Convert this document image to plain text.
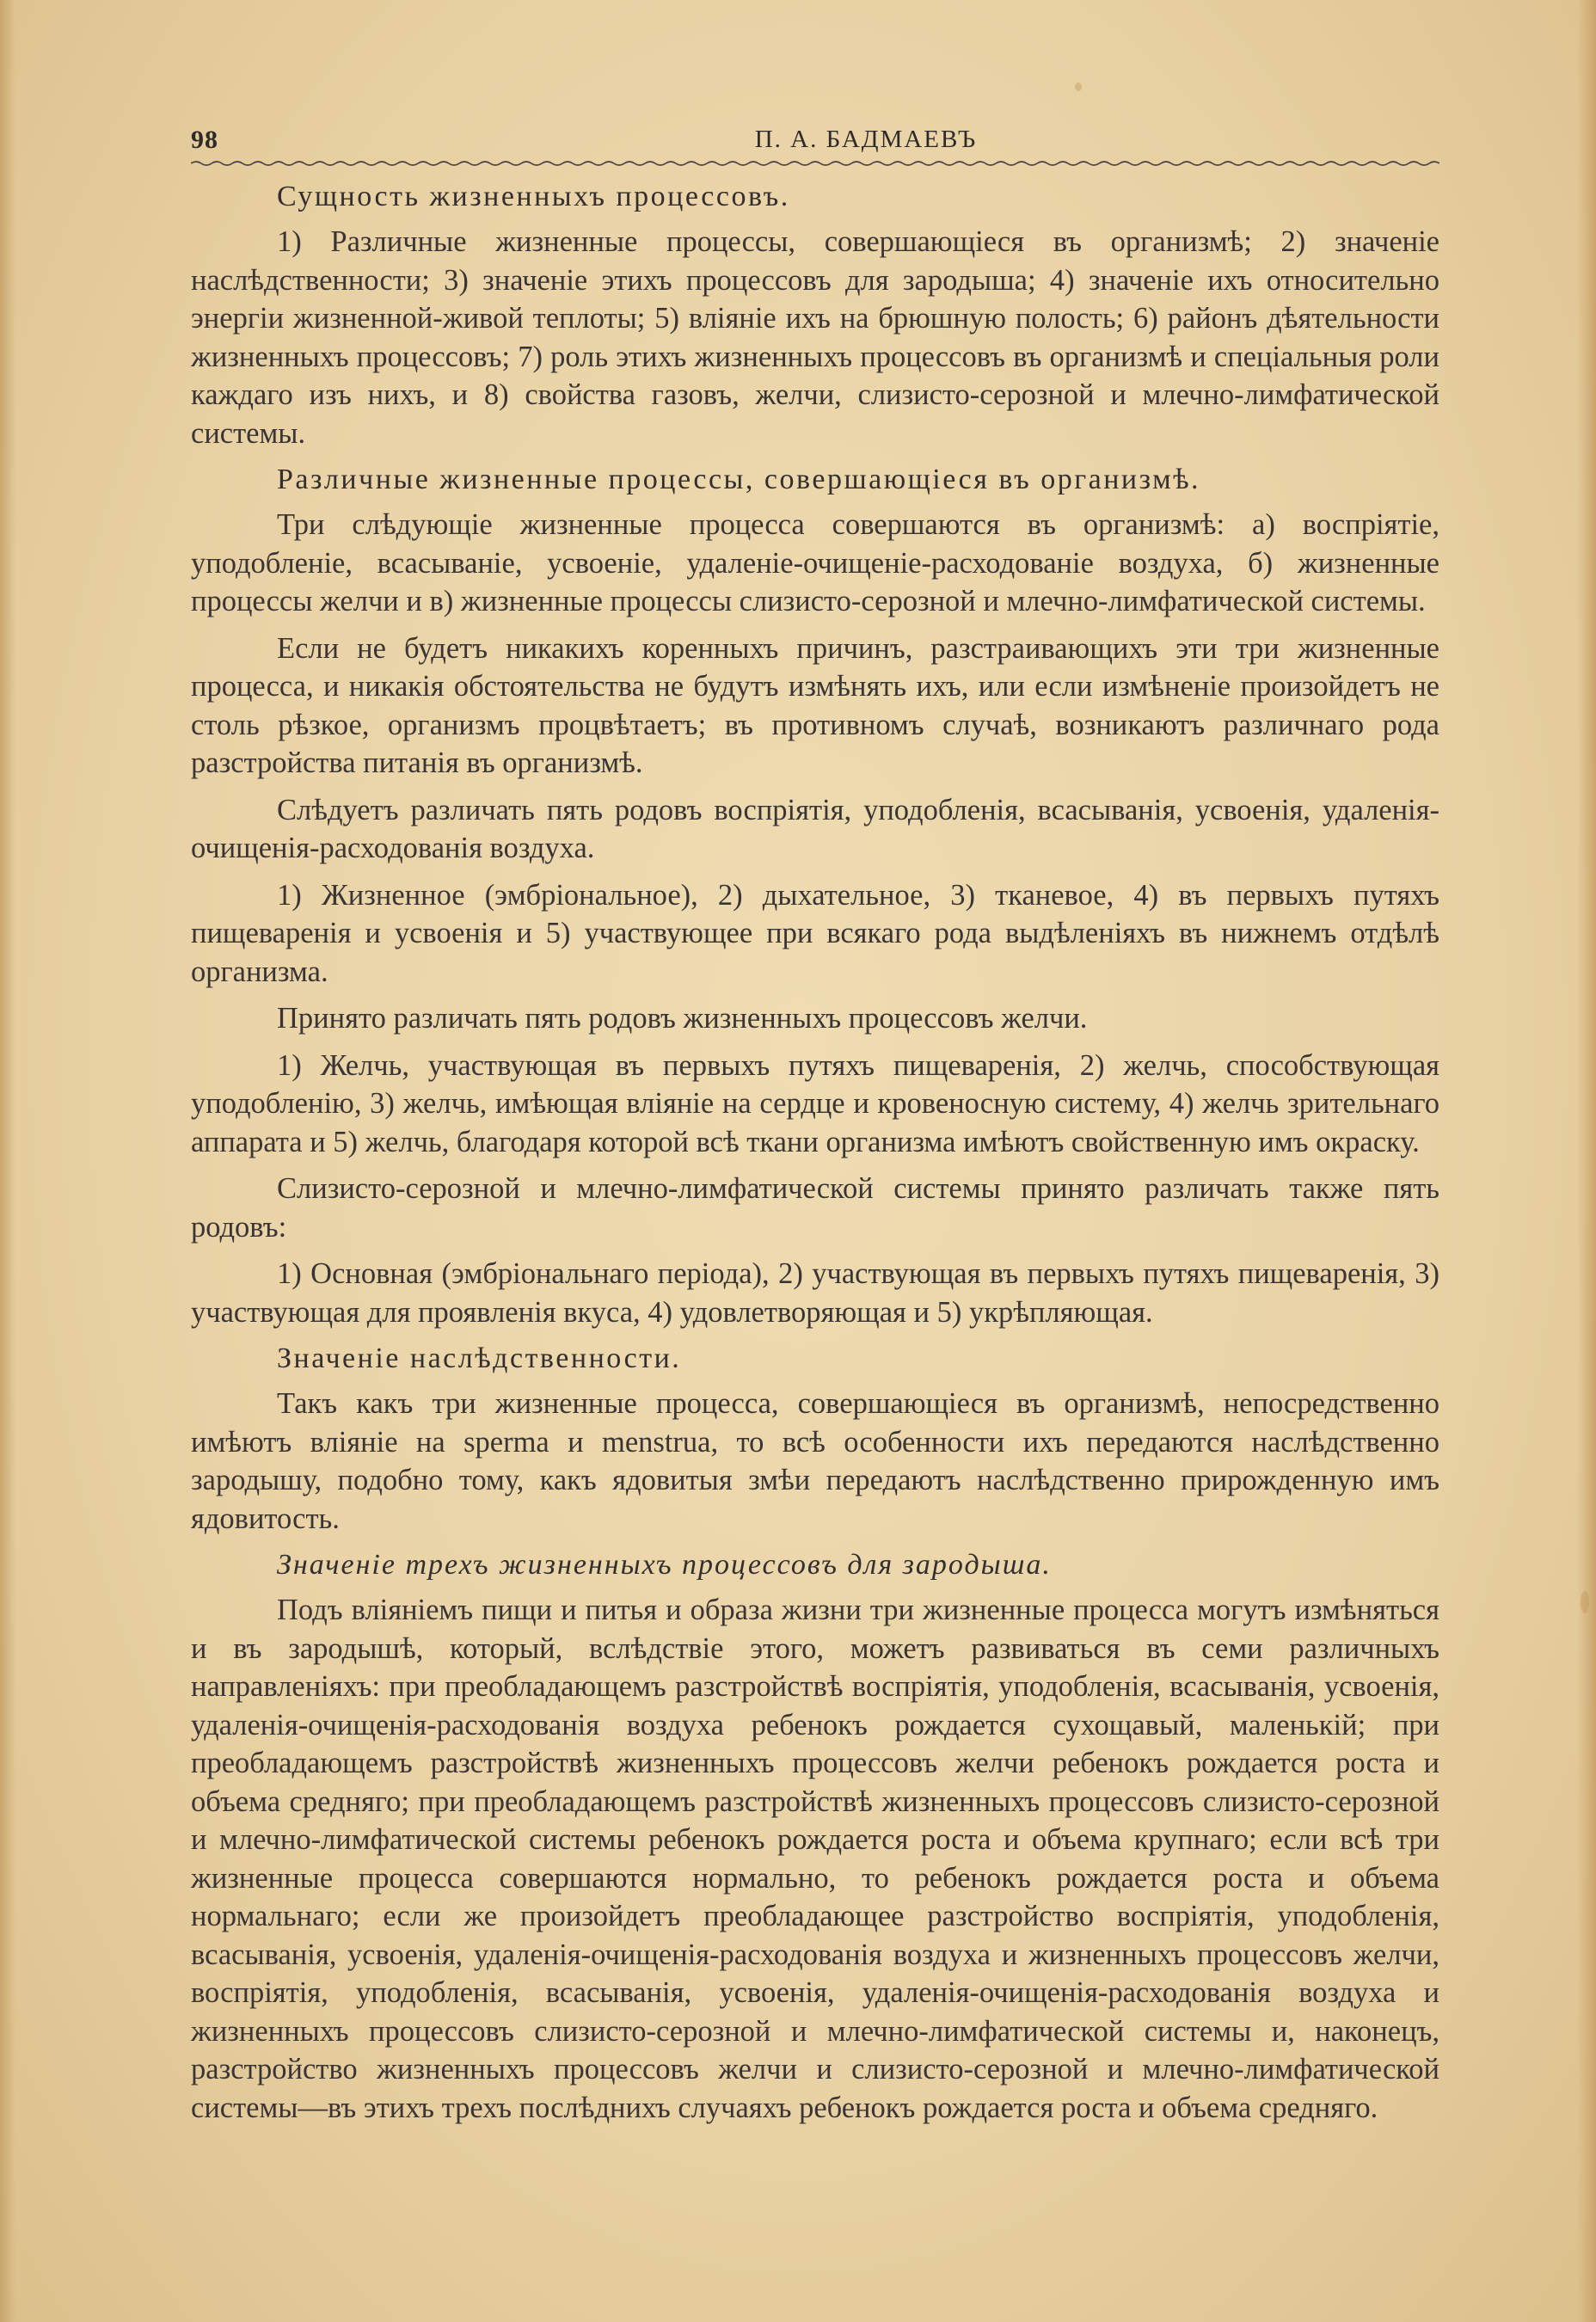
98	П. А. БАДМАЕВЪ
Сущность жизненныхъ процессовъ.

1) Различные жизненные процессы, совершающіеся въ организмѣ; 2) значеніе наслѣдственности; 3) значеніе этихъ процессовъ для зародыша; 4) значеніе ихъ относительно энергіи жизненной-живой теплоты; 5) вліяніе ихъ на брюшную полость; 6) районъ дѣятельности жизненныхъ процессовъ; 7) роль этихъ жизненныхъ процессовъ въ организмѣ и спеціальныя роли каждаго изъ нихъ, и 8) свойства газовъ, желчи, слизисто-серозной и млечно-лимфатической системы.

Различные жизненные процессы, совершающіеся въ организмѣ.

Три слѣдующіе жизненные процесса совершаются въ организмѣ: а) воспріятіе, уподобленіе, всасываніе, усвоеніе, удаленіе-очищеніе-расходованіе воздуха, б) жизненные процессы желчи и в) жизненные процессы слизисто-серозной и млечно-лимфатической системы.

Если не будетъ никакихъ коренныхъ причинъ, разстраивающихъ эти три жизненные процесса, и никакія обстоятельства не будутъ измѣнять ихъ, или если измѣненіе произойдетъ не столь рѣзкое, организмъ процвѣтаетъ; въ противномъ случаѣ, возникаютъ различнаго рода разстройства питанія въ организмѣ.

Слѣдуетъ различать пять родовъ воспріятія, уподобленія, всасыванія, усвоенія, удаленія-очищенія-расходованія воздуха.

1) Жизненное (эмбріональное), 2) дыхательное, 3) тканевое, 4) въ первыхъ путяхъ пищеваренія и усвоенія и 5) участвующее при всякаго рода выдѣленіяхъ въ нижнемъ отдѣлѣ организма.

Принято различать пять родовъ жизненныхъ процессовъ желчи.

1) Желчь, участвующая въ первыхъ путяхъ пищеваренія, 2) желчь, способствующая уподобленію, 3) желчь, имѣющая вліяніе на сердце и кровеносную систему, 4) желчь зрительнаго аппарата и 5) желчь, благодаря которой всѣ ткани организма имѣютъ свойственную имъ окраску.

Слизисто-серозной и млечно-лимфатической системы принято различать также пять родовъ:

1) Основная (эмбріональнаго періода), 2) участвующая въ первыхъ путяхъ пищеваренія, 3) участвующая для проявленія вкуса, 4) удовлетворяющая и 5) укрѣпляющая.

Значеніе наслѣдственности.

Такъ какъ три жизненные процесса, совершающіеся въ организмѣ, непосредственно имѣютъ вліяніе на sperma и menstrua, то всѣ особенности ихъ передаются наслѣдственно зародышу, подобно тому, какъ ядовитыя змѣи передаютъ наслѣдственно прирожденную имъ ядовитость.

Значеніе трехъ жизненныхъ процессовъ для зародыша.

Подъ вліяніемъ пищи и питья и образа жизни три жизненные процесса могутъ измѣняться и въ зародышѣ, который, вслѣдствіе этого, можетъ развиваться въ семи различныхъ направленіяхъ: при преобладающемъ разстройствѣ воспріятія, уподобленія, всасыванія, усвоенія, удаленія-очищенія-расходованія воздуха ребенокъ рождается сухощавый, маленькій; при преобладающемъ разстройствѣ жизненныхъ процессовъ желчи ребенокъ рождается роста и объема средняго; при преобладающемъ разстройствѣ жизненныхъ процессовъ слизисто-серозной и млечно-лимфатической системы ребенокъ рождается роста и объема крупнаго; если всѣ три жизненные процесса совершаются нормально, то ребенокъ рождается роста и объема нормальнаго; если же произойдетъ преобладающее разстройство воспріятія, уподобленія, всасыванія, усвоенія, удаленія-очищенія-расходованія воздуха и жизненныхъ процессовъ желчи, воспріятія, уподобленія, всасыванія, усвоенія, удаленія-очищенія-расходованія воздуха и жизненныхъ процессовъ слизисто-серозной и млечно-лимфатической системы и, наконецъ, разстройство жизненныхъ процессовъ желчи и слизисто-серозной и млечно-лимфатической системы—въ этихъ трехъ послѣднихъ случаяхъ ребенокъ рождается роста и объема средняго.
